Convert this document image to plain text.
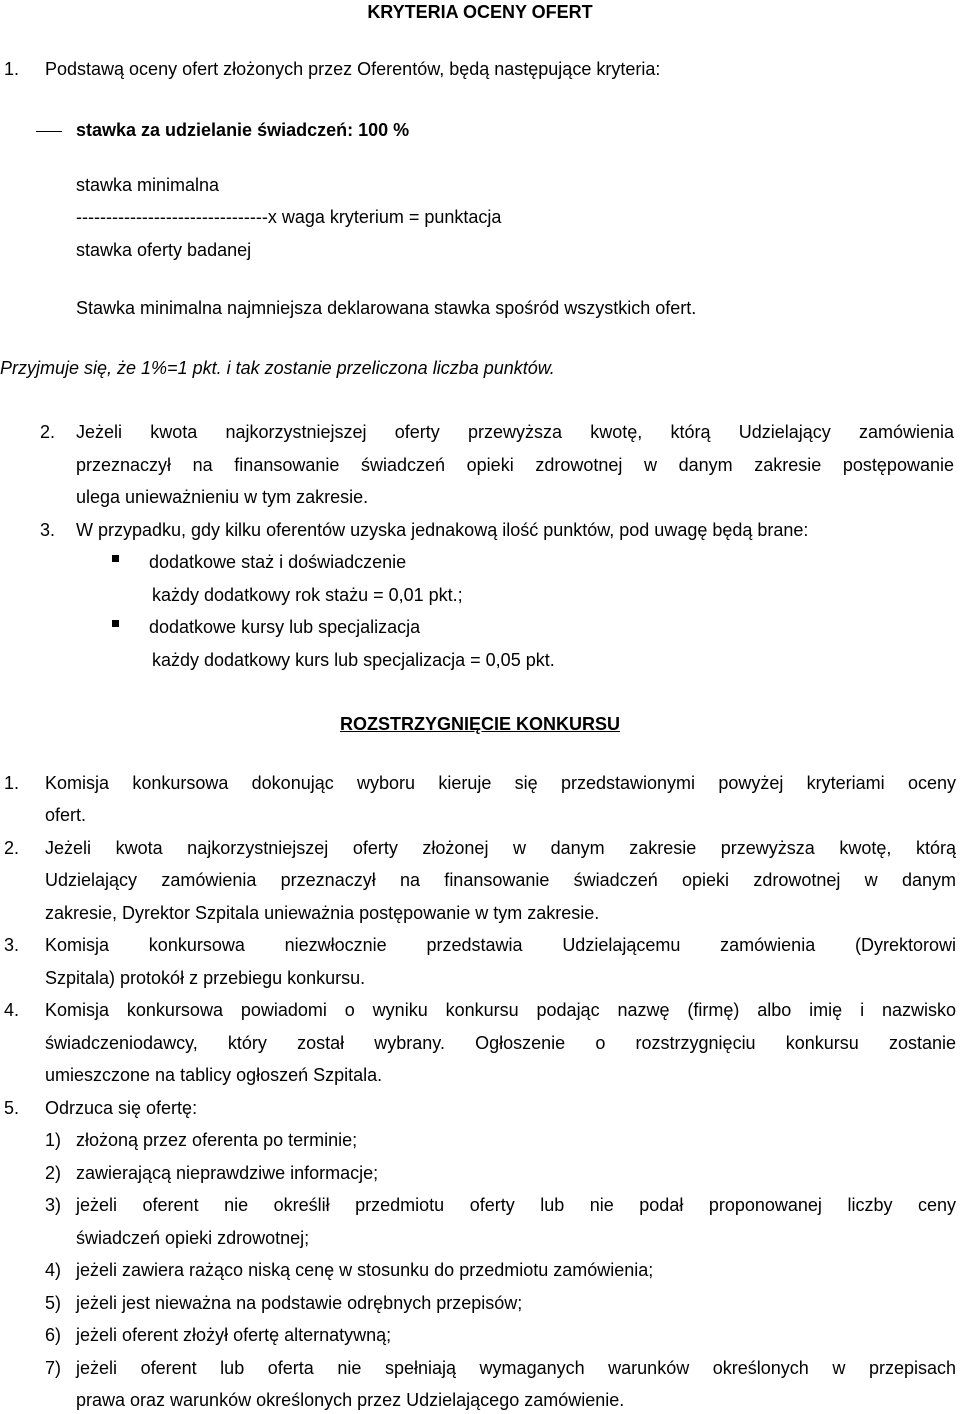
KRYTERIA OCENY OFERT
1. Podstawą oceny ofert złożonych przez Oferentów, będą następujące kryteria:
stawka za udzielanie świadczeń: 100 %
stawka minimalna
--------------------------------x waga kryterium = punktacja
stawka oferty badanej
Stawka minimalna najmniejsza deklarowana stawka spośród wszystkich ofert.
Przyjmuje się, że 1%=1 pkt. i tak zostanie przeliczona liczba punktów.
2. Jeżeli kwota najkorzystniejszej oferty przewyższa kwotę, którą Udzielający zamówienia
przeznaczył na finansowanie świadczeń opieki zdrowotnej w danym zakresie postępowanie
ulega unieważnieniu w tym zakresie.
3. W przypadku, gdy kilku oferentów uzyska jednakową ilość punktów, pod uwagę będą brane:
dodatkowe staż i doświadczenie
każdy dodatkowy rok stażu = 0,01 pkt.;
dodatkowe kursy lub specjalizacja
każdy dodatkowy kurs lub specjalizacja = 0,05 pkt.
ROZSTRZYGNIĘCIE KONKURSU
1. Komisja konkursowa dokonując wyboru kieruje się przedstawionymi powyżej kryteriami oceny
ofert.
2. Jeżeli kwota najkorzystniejszej oferty złożonej w danym zakresie przewyższa kwotę, którą
Udzielający zamówienia przeznaczył na finansowanie świadczeń opieki zdrowotnej w danym
zakresie, Dyrektor Szpitala unieważnia postępowanie w tym zakresie.
3. Komisja konkursowa niezwłocznie przedstawia Udzielającemu zamówienia (Dyrektorowi
Szpitala) protokół z przebiegu konkursu.
4. Komisja konkursowa powiadomi o wyniku konkursu podając nazwę (firmę) albo imię i nazwisko
świadczeniodawcy, który został wybrany. Ogłoszenie o rozstrzygnięciu konkursu zostanie
umieszczone na tablicy ogłoszeń Szpitala.
5. Odrzuca się ofertę:
1) złożoną przez oferenta po terminie;
2) zawierającą nieprawdziwe informacje;
3) jeżeli oferent nie określił przedmiotu oferty lub nie podał proponowanej liczby ceny
świadczeń opieki zdrowotnej;
4) jeżeli zawiera rażąco niską cenę w stosunku do przedmiotu zamówienia;
5) jeżeli jest nieważna na podstawie odrębnych przepisów;
6) jeżeli oferent złożył ofertę alternatywną;
7) jeżeli oferent lub oferta nie spełniają wymaganych warunków określonych w przepisach
prawa oraz warunków określonych przez Udzielającego zamówienie.
